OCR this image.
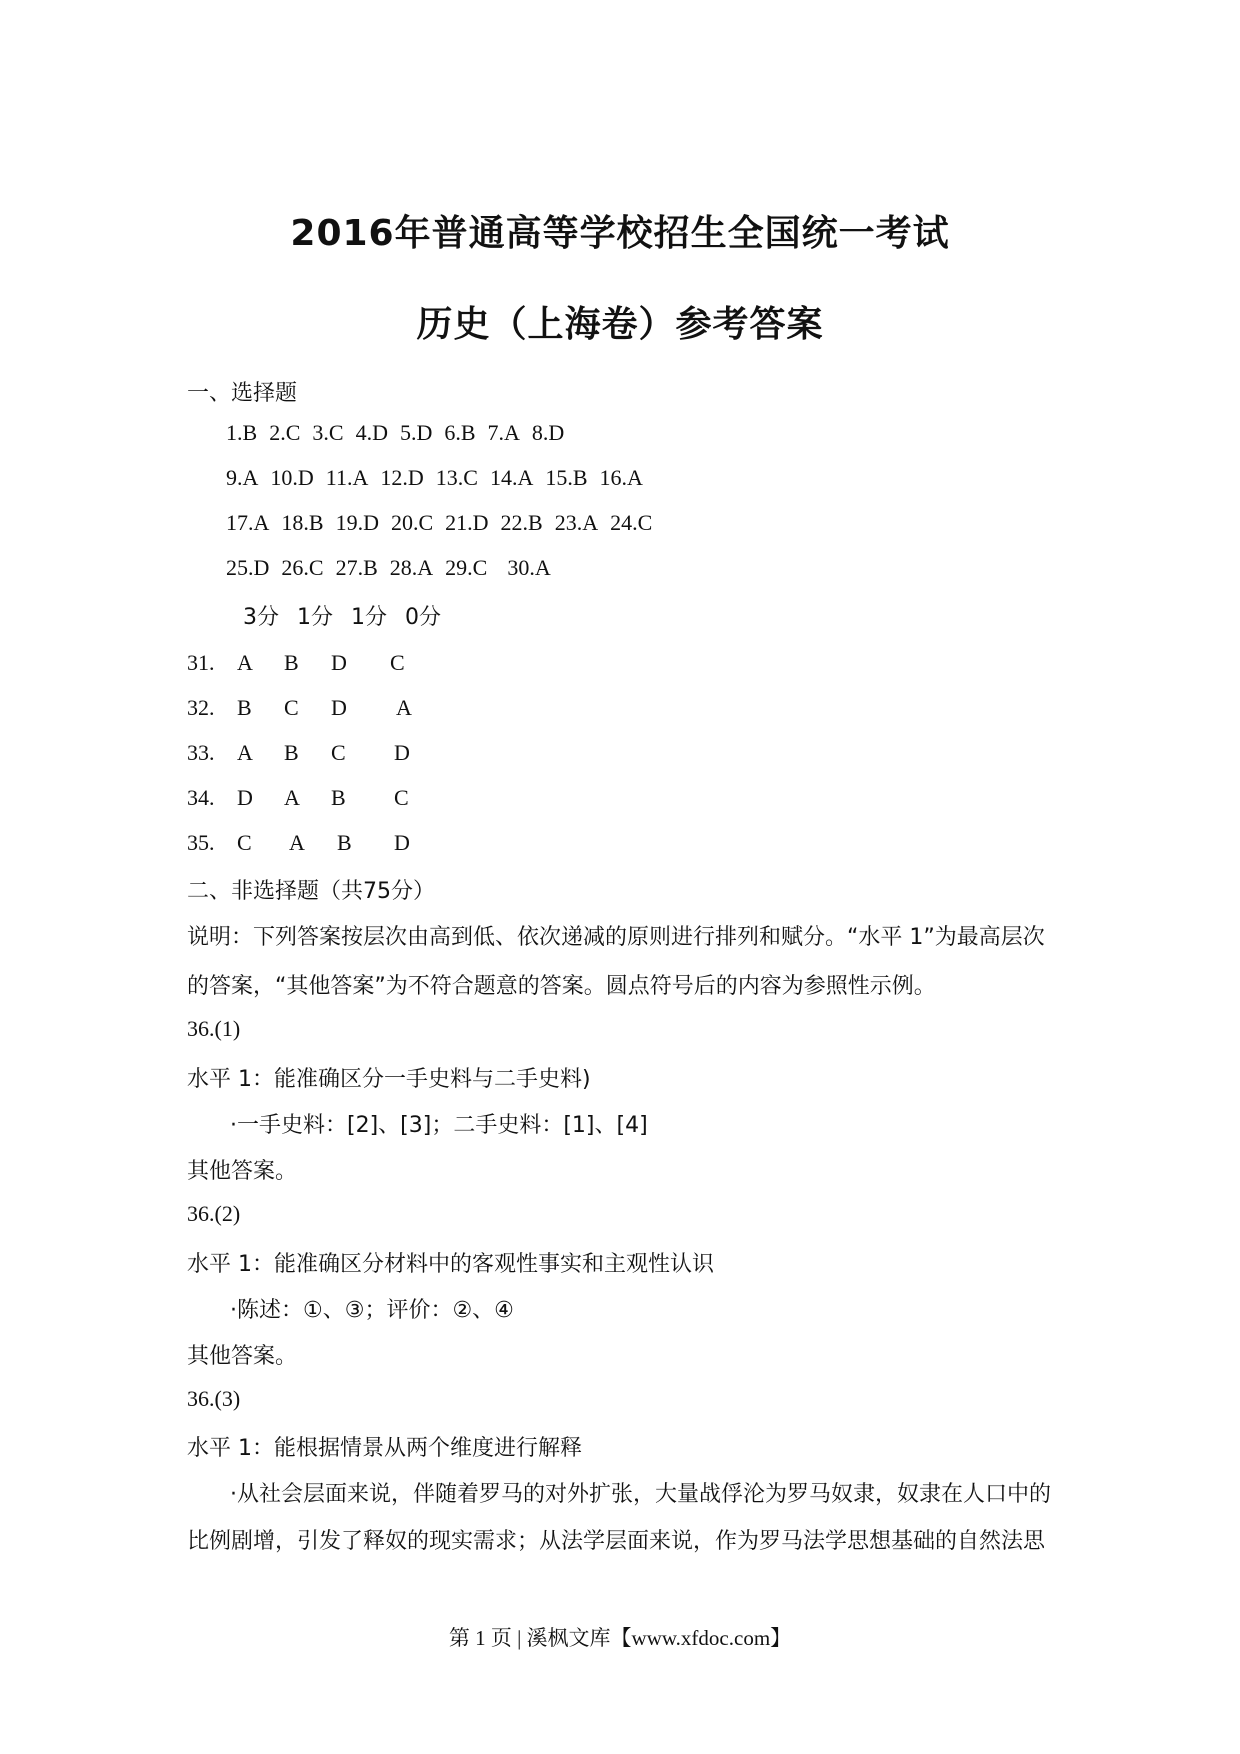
2016年普通高等学校招生全国统一考试
历史（上海卷）参考答案
一、选择题
1.B 2.C 3.C 4.D 5.D 6.B 7.A 8.D
9.A 10.D 11.A 12.D 13.C 14.A 15.B 16.A
17.A 18.B 19.D 20.C 21.D 22.B 23.A 24.C
25.D 26.C 27.B 28.A 29.C 30.A
3分 1分 1分 0分
31. A B D C
32. B C D A
33. A B C D
34. D A B C
35. C A B D
二、非选择题（共75分）
说明：下列答案按层次由高到低、依次递减的原则进行排列和赋分。“水平 1”为最高层次
的答案，“其他答案”为不符合题意的答案。圆点符号后的内容为参照性示例。
36.(1)
水平 1：能准确区分一手史料与二手史料)
·一手史料：[2]、[3]；二手史料：[1]、[4]
其他答案。
36.(2)
水平 1：能准确区分材料中的客观性事实和主观性认识
·陈述：①、③；评价：②、④
其他答案。
36.(3)
水平 1：能根据情景从两个维度进行解释
·从社会层面来说，伴随着罗马的对外扩张，大量战俘沦为罗马奴隶，奴隶在人口中的
比例剧增，引发了释奴的现实需求；从法学层面来说，作为罗马法学思想基础的自然法思
第 1 页 | 溪枫文库【www.xfdoc.com】
